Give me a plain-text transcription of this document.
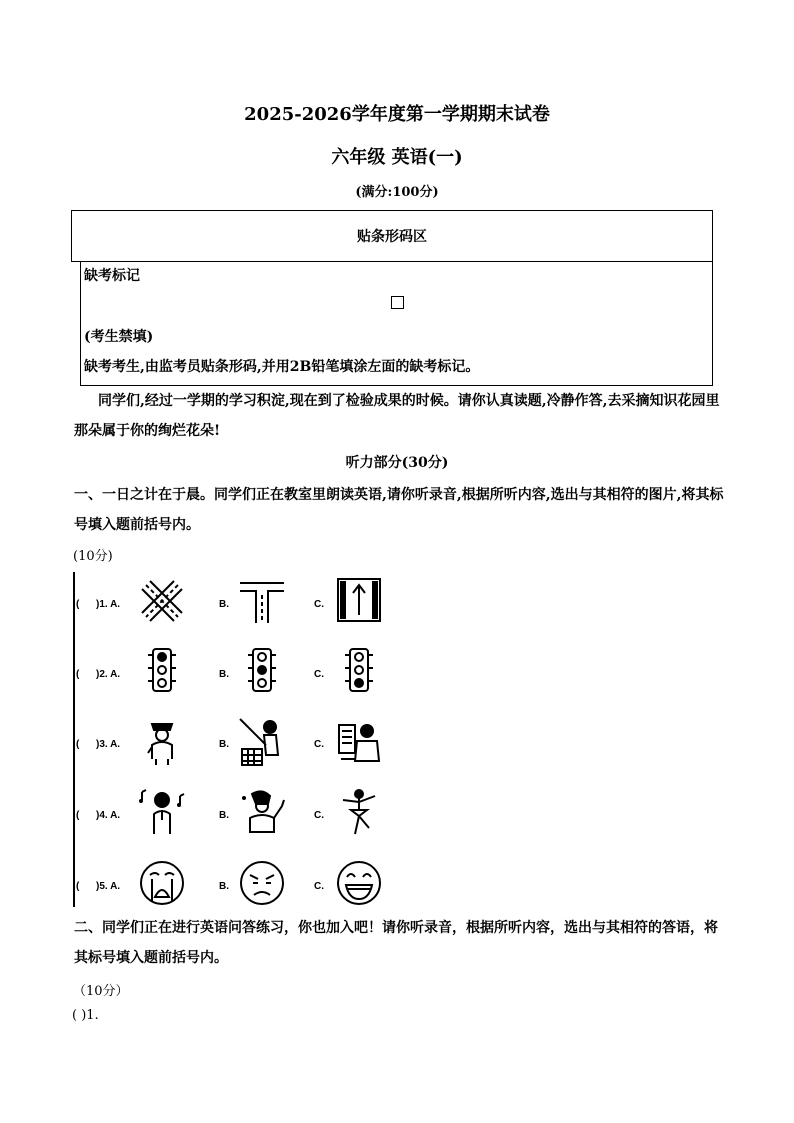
2025-2026学年度第一学期期末试卷
六年级 英语(一)
(满分:100分)
贴条形码区
缺考标记
(考生禁填)
缺考考生,由监考员贴条形码,并用2B铅笔填涂左面的缺考标记。
同学们,经过一学期的学习积淀,现在到了检验成果的时候。请你认真读题,冷静作答,去采摘知识花园里那朵属于你的绚烂花朵!
听力部分(30分)
一、一日之计在于晨。同学们正在教室里朗读英语,请你听录音,根据所听内容,选出与其相符的图片,将其标号填入题前括号内。
(10分)
(      )1. A.	B.	C.
(      )2. A.	B.	C.
(      )3. A.	B.	C.
(      )4. A.	B.	C.
(      )5. A.	B.	C.
二、同学们正在进行英语问答练习，你也加入吧！请你听录音，根据所听内容，选出与其相符的答语，将其标号填入题前括号内。
（10分）
( )1.
